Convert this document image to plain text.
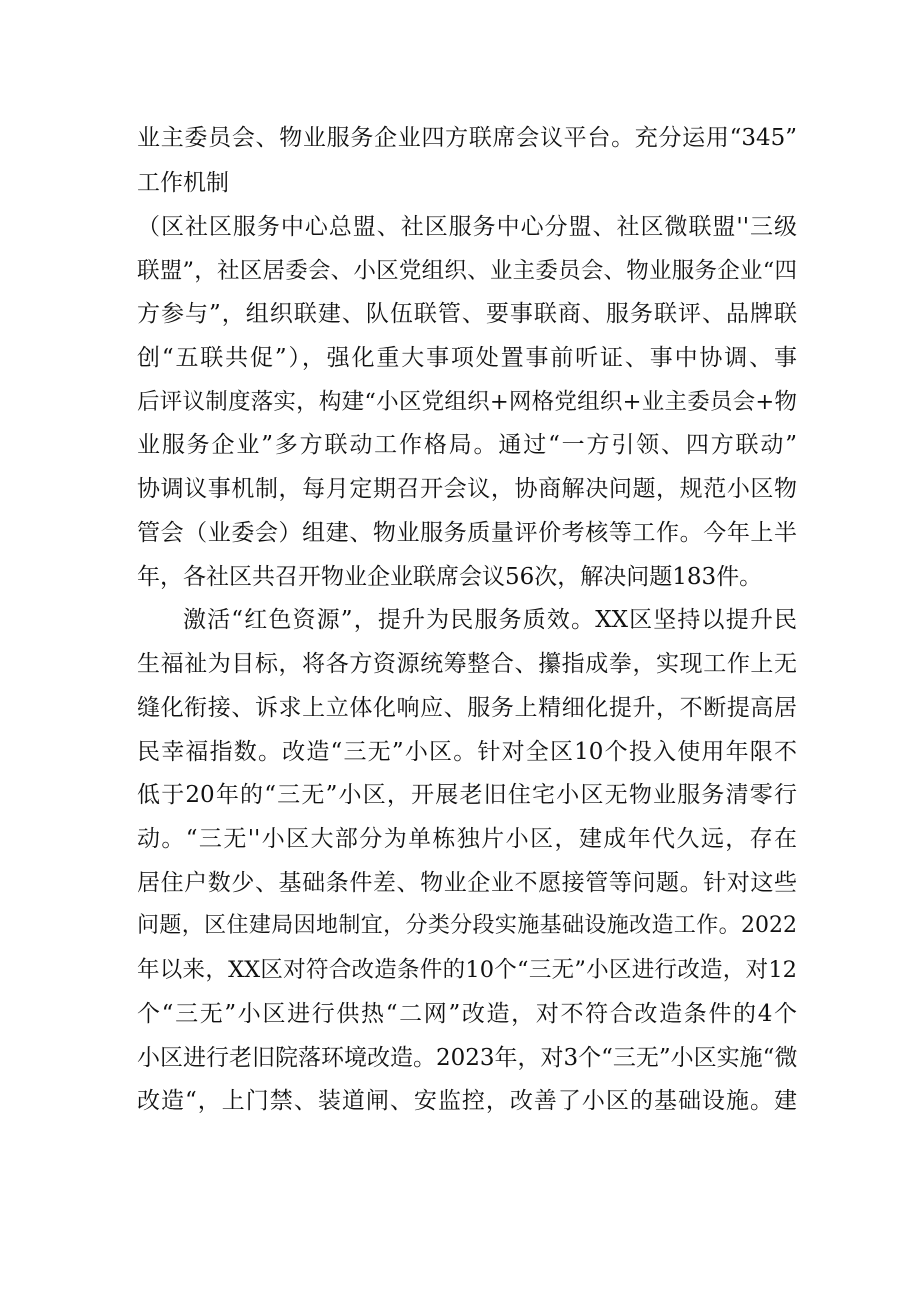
业主委员会、物业服务企业四方联席会议平台。充分运用“345”
工作机制
（区社区服务中心总盟、社区服务中心分盟、社区微联盟''三级
联盟”，社区居委会、小区党组织、业主委员会、物业服务企业“四
方参与”，组织联建、队伍联管、要事联商、服务联评、品牌联
创“五联共促”），强化重大事项处置事前听证、事中协调、事
后评议制度落实，构建“小区党组织+网格党组织+业主委员会+物
业服务企业”多方联动工作格局。通过“一方引领、四方联动”
协调议事机制，每月定期召开会议，协商解决问题，规范小区物
管会（业委会）组建、物业服务质量评价考核等工作。今年上半
年，各社区共召开物业企业联席会议56次，解决问题183件。
激活“红色资源”，提升为民服务质效。XX区坚持以提升民
生福祉为目标，将各方资源统筹整合、攥指成拳，实现工作上无
缝化衔接、诉求上立体化响应、服务上精细化提升，不断提高居
民幸福指数。改造“三无”小区。针对全区10个投入使用年限不
低于20年的“三无”小区，开展老旧住宅小区无物业服务清零行
动。“三无''小区大部分为单栋独片小区，建成年代久远，存在
居住户数少、基础条件差、物业企业不愿接管等问题。针对这些
问题，区住建局因地制宜，分类分段实施基础设施改造工作。2022
年以来，XX区对符合改造条件的10个“三无”小区进行改造，对12
个“三无”小区进行供热“二网”改造，对不符合改造条件的4个
小区进行老旧院落环境改造。2023年，对3个“三无”小区实施“微
改造“，上门禁、装道闸、安监控，改善了小区的基础设施。建
